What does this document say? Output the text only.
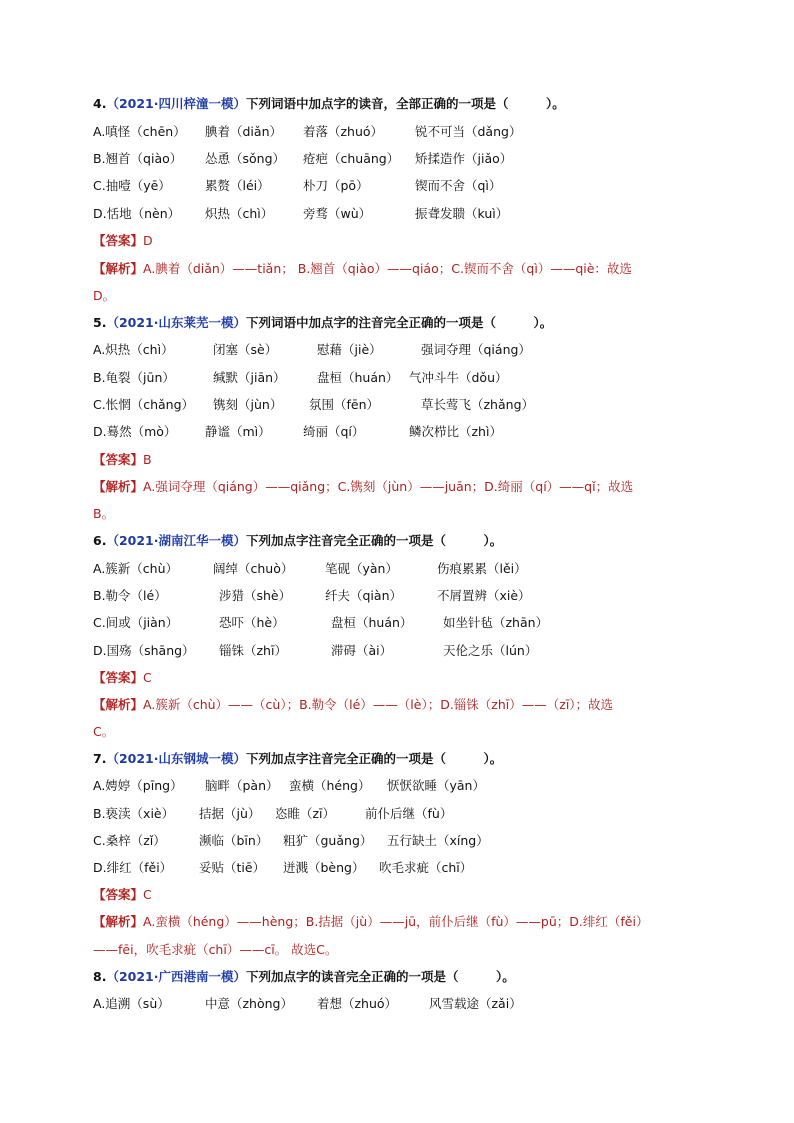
4.（2021·四川梓潼一模）下列词语中加点字的读音，全部正确的一项是（　　　）。
A.嗔怪（chēn） 腆着（diǎn） 着落（zhuó）	锐不可当（dǎng）
B.翘首（qiào） 怂恿（sǒng） 疮疤（chuāng） 矫揉造作（jiǎo）
C.抽噎（yē）	累赘（léi）	朴刀（pō）	锲而不舍（qì）
D.恬地（nèn） 炽热（chì） 旁骛（wù）	振聋发聩（kuì）
【答案】D
【解析】A.腆着（diǎn）——tiǎn； B.翘首（qiào）——qiáo；C.锲而不舍（qì）——qiè：故选
D。
5.（2021·山东莱芜一模）下列词语中加点字的注音完全正确的一项是（　　　）。
A.炽热（chì）	闭塞（sè）	慰藉（jiè）	强词夺理（qiáng）
B.龟裂（jūn）	缄默（jiān）	盘桓（huán） 气冲斗牛（dǒu）
C.怅惘（chǎng） 镌刻（jùn） 氛围（fēn）	草长莺飞（zhǎng）
D.蓦然（mò） 静谧（mì）	绮丽（qí）	鳞次栉比（zhì）
【答案】B
【解析】A.强词夺理（qiáng）——qiǎng；C.镌刻（jùn）——juān；D.绮丽（qí）——qǐ；故选
B。
6.（2021·湖南江华一模）下列加点字注音完全正确的一项是（　　　）。
A.簇新（chù）	阔绰（chuò）	笔砚（yàn）	伤痕累累（lěi）
B.勒令（lé）	涉猎（shè）	纤夫（qiàn）	不屑置辨（xiè）
C.间或（jiàn）	恐吓（hè）	盘桓（huán） 如坐针毡（zhān）
D.国殇（shāng） 锱铢（zhī）	滞碍（ài）	天伦之乐（lún）
【答案】C
【解析】A.簇新（chù）——（cù）；B.勒令（lé）——（lè）；D.锱铢（zhī）——（zī）；故选
C。
7.（2021·山东钢城一模）下列加点字注音完全正确的一项是（　　　）。
A.娉婷（pīng） 脑畔（pàn） 蛮横（héng） 恹恹欲睡（yān）
B.亵渎（xiè） 拮据（jù） 恣睢（zī） 前仆后继（fù）
C.桑梓（zǐ）	濒临（bīn） 粗犷（guǎng） 五行缺土（xíng）
D.绯红（fěi） 妥贴（tiē） 迸溅（bèng） 吹毛求疵（chī）
【答案】C
【解析】A.蛮横（héng）——hèng；B.拮据（jù）——jū，前仆后继（fù）——pū；D.绯红（fěi）
——fēi，吹毛求疵（chī）——cī。 故选C。
8.（2021·广西港南一模）下列加点字的读音完全正确的一项是（　　　）。
A.追溯（sù）	中意（zhòng） 着想（zhuó）	风雪载途（zǎi）
